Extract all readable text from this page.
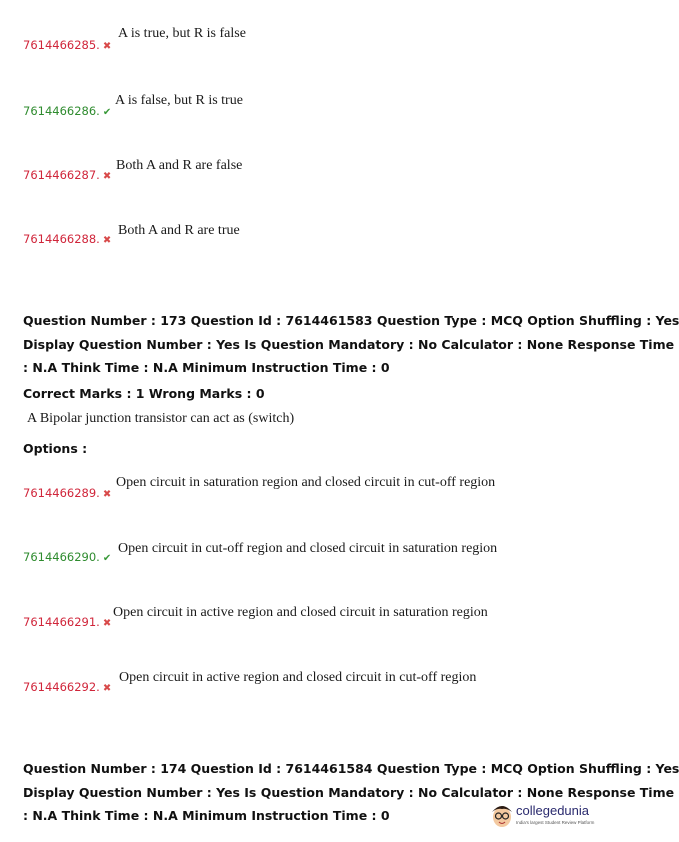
7614466285. ✖
A is true, but R is false
7614466286. ✔
A is false, but R is true
7614466287. ✖
Both A and R are false
7614466288. ✖
Both A and R are true
Question Number : 173 Question Id : 7614461583 Question Type : MCQ Option Shuffling : Yes
Display Question Number : Yes Is Question Mandatory : No Calculator : None Response Time
: N.A Think Time : N.A Minimum Instruction Time : 0
Correct Marks : 1 Wrong Marks : 0
A Bipolar junction transistor can act as (switch)
Options :
7614466289. ✖
Open circuit in saturation region and closed circuit in cut-off region
7614466290. ✔
Open circuit in cut-off region and closed circuit in saturation region
7614466291. ✖
Open circuit in active region and closed circuit in saturation region
7614466292. ✖
Open circuit in active region and closed circuit in cut-off region
Question Number : 174 Question Id : 7614461584 Question Type : MCQ Option Shuffling : Yes
Display Question Number : Yes Is Question Mandatory : No Calculator : None Response Time
: N.A Think Time : N.A Minimum Instruction Time : 0	collegedunia
India's largest Student Review Platform
